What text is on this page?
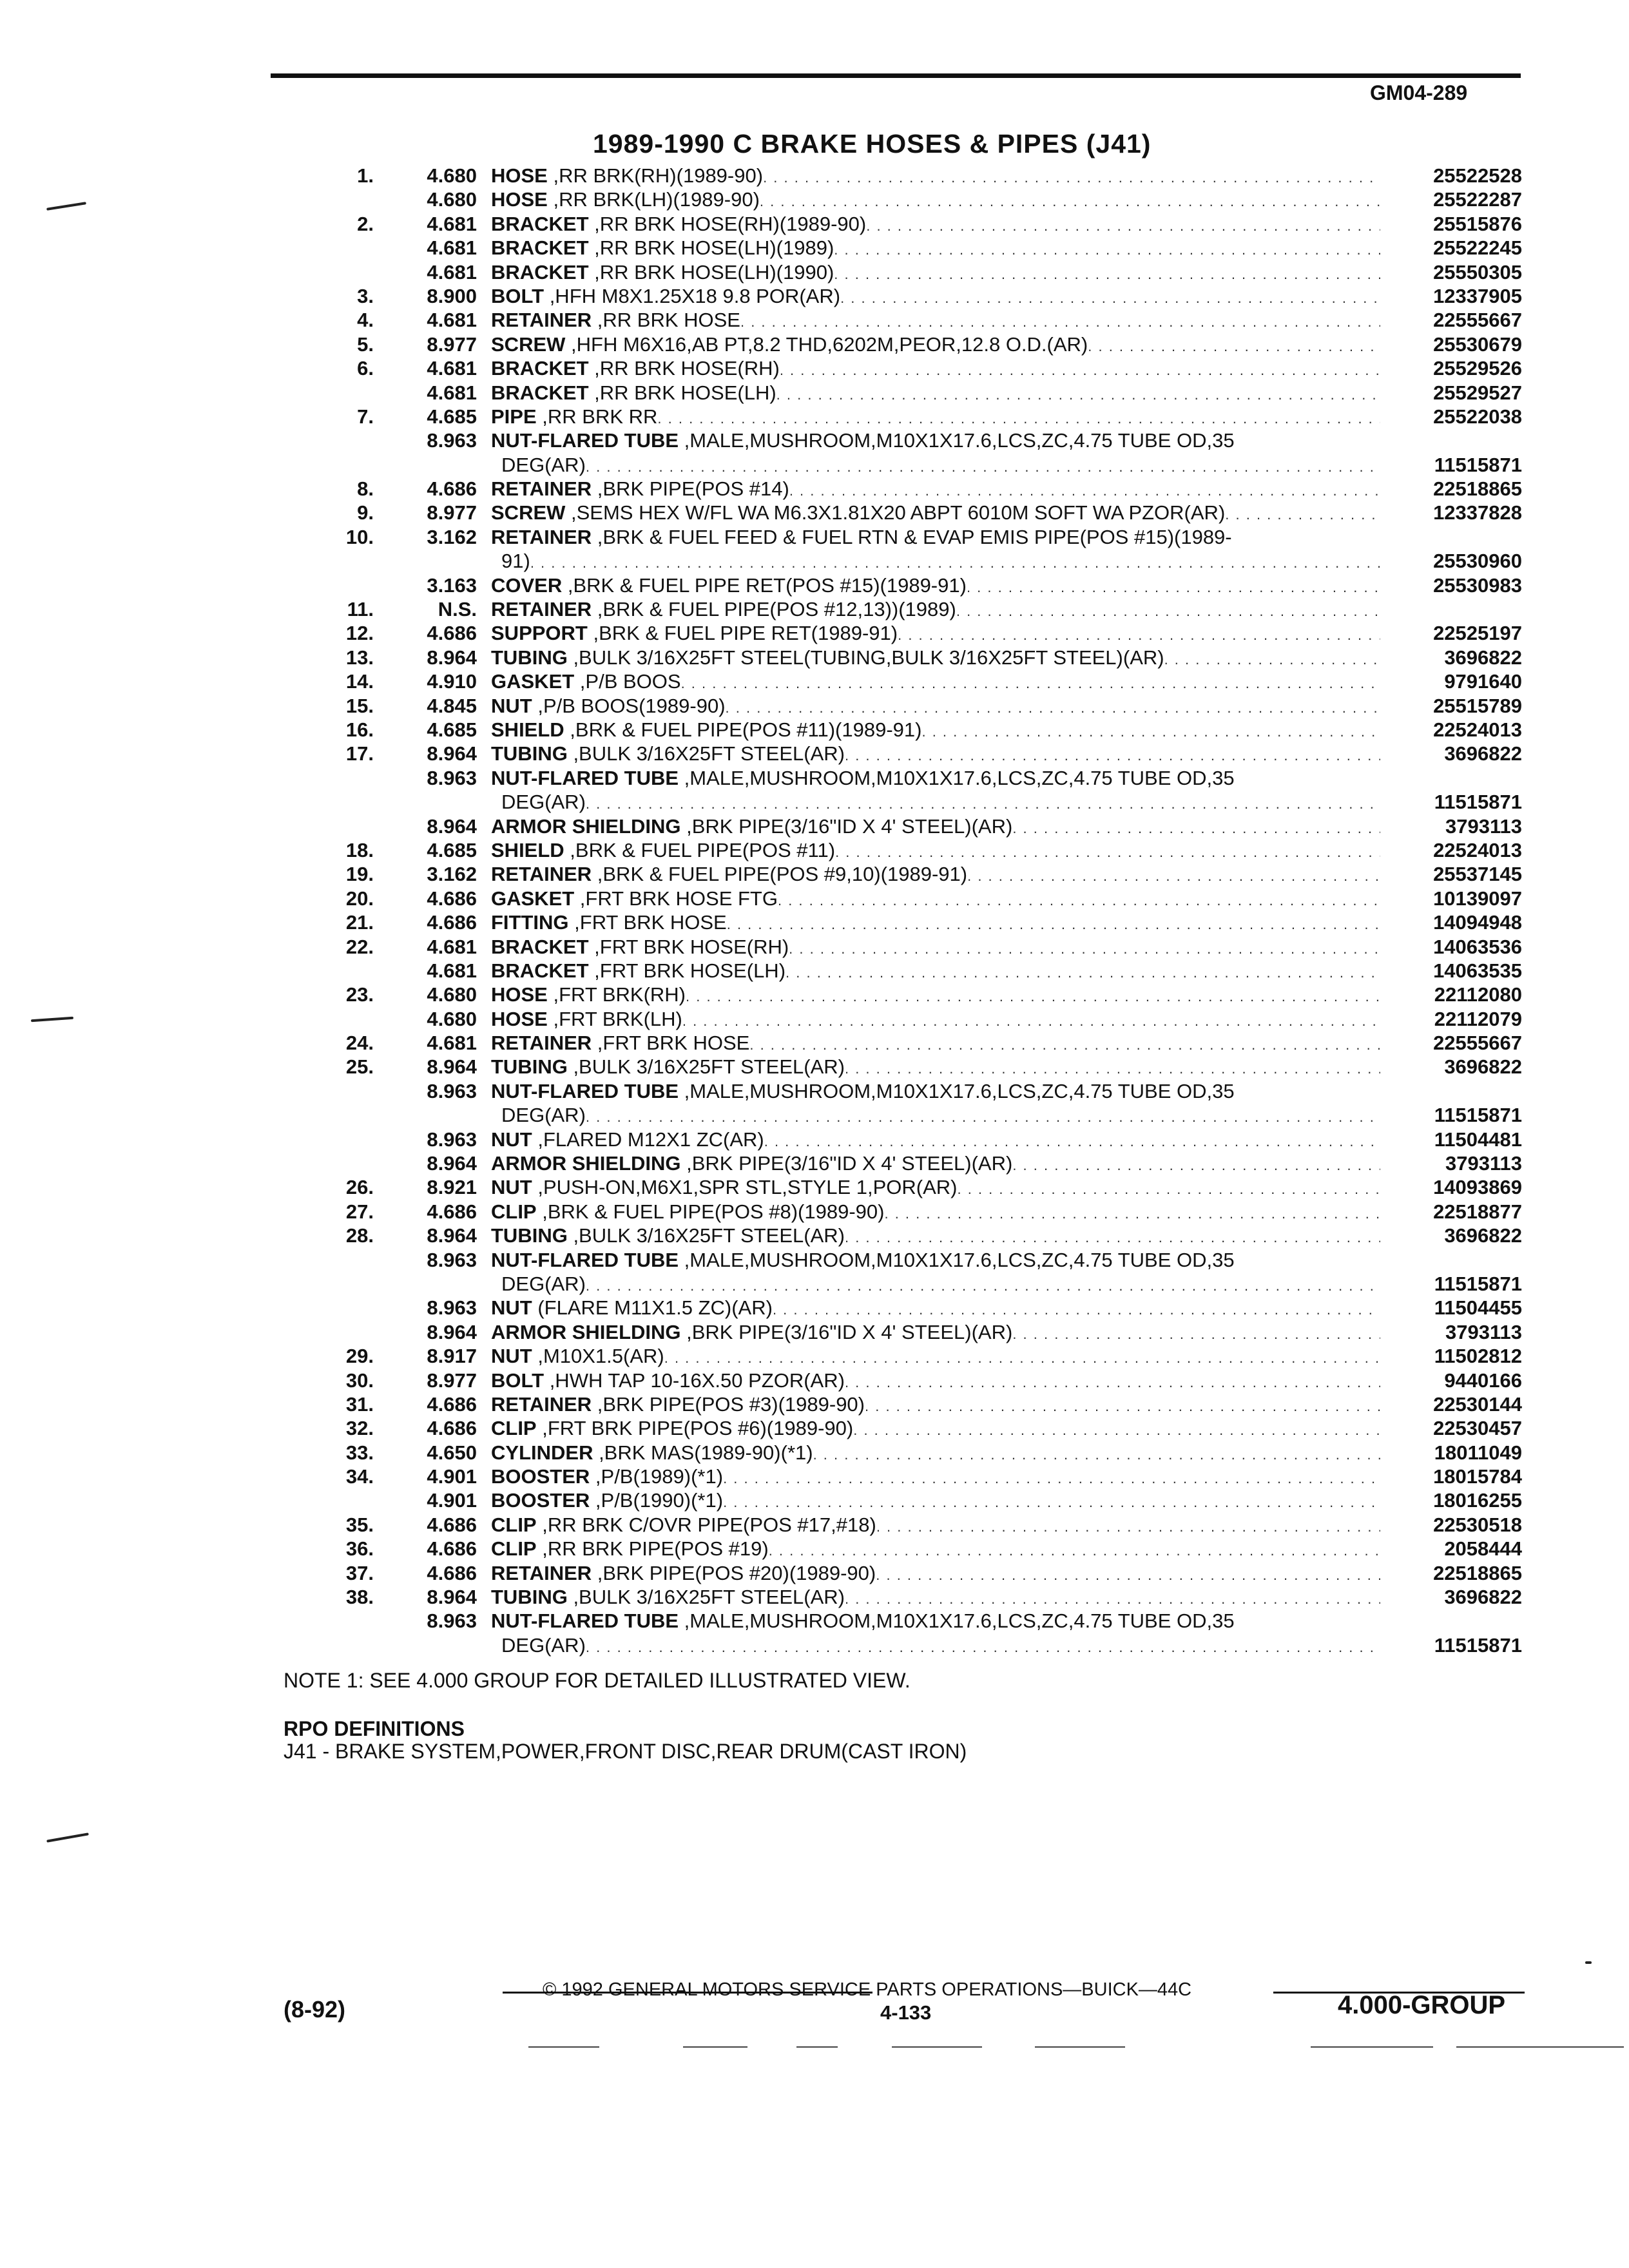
GM04-289
1989-1990 C BRAKE HOSES & PIPES (J41)
1.	4.680 HOSE ,RR BRK(RH)(1989-90) . . .	25522528
4.680 HOSE ,RR BRK(LH)(1989-90) . . .	25522287
2.	4.681 BRACKET ,RR BRK HOSE(RH)(1989-90) . . .	25515876
4.681 BRACKET ,RR BRK HOSE(LH)(1989) . . .	25522245
4.681 BRACKET ,RR BRK HOSE(LH)(1990) . . .	25550305
3.	8.900 BOLT ,HFH M8X1.25X18 9.8 POR(AR) . . .	12337905
4.	4.681 RETAINER ,RR BRK HOSE . . .	22555667
5.	8.977 SCREW ,HFH M6X16,AB PT,8.2 THD,6202M,PEOR,12.8 O.D.(AR) . . .	25530679
6.	4.681 BRACKET ,RR BRK HOSE(RH) . . .	25529526
4.681 BRACKET ,RR BRK HOSE(LH) . . .	25529527
7.	4.685 PIPE ,RR BRK RR . . .	25522038
8.963 NUT-FLARED TUBE ,MALE,MUSHROOM,M10X1X17.6,LCS,ZC,4.75 TUBE OD,35
DEG(AR) . . .	11515871
8.	4.686 RETAINER ,BRK PIPE(POS #14) . . .	22518865
9.	8.977 SCREW ,SEMS HEX W/FL WA M6.3X1.81X20 ABPT 6010M SOFT WA PZOR(AR) . . .	12337828
10.	3.162 RETAINER ,BRK & FUEL FEED & FUEL RTN & EVAP EMIS PIPE(POS #15)(1989-
91) . . .	25530960
3.163 COVER ,BRK & FUEL PIPE RET(POS #15)(1989-91) . . .	25530983
11.	N.S. RETAINER ,BRK & FUEL PIPE(POS #12,13))(1989)
. . .
12.	4.686 SUPPORT ,BRK & FUEL PIPE RET(1989-91) . . .	22525197
13.	8.964 TUBING ,BULK 3/16X25FT STEEL(TUBING,BULK 3/16X25FT STEEL)(AR) . . .	3696822
14.	4.910 GASKET ,P/B BOOS . . .	9791640
15.	4.845 NUT ,P/B BOOS(1989-90) . . .	25515789
16.	4.685 SHIELD ,BRK & FUEL PIPE(POS #11)(1989-91) . . .	22524013
17.	8.964 TUBING ,BULK 3/16X25FT STEEL(AR) . . .	3696822
8.963 NUT-FLARED TUBE ,MALE,MUSHROOM,M10X1X17.6,LCS,ZC,4.75 TUBE OD,35
DEG(AR) . . .	11515871
8.964 ARMOR SHIELDING ,BRK PIPE(3/16"ID X 4' STEEL)(AR) . . .	3793113
18.	4.685 SHIELD ,BRK & FUEL PIPE(POS #11) . . .	22524013
19.	3.162 RETAINER ,BRK & FUEL PIPE(POS #9,10)(1989-91) . . .	25537145
20.	4.686 GASKET ,FRT BRK HOSE FTG . . .	10139097
21.	4.686 FITTING ,FRT BRK HOSE . . .	14094948
22.	4.681 BRACKET ,FRT BRK HOSE(RH) . . .	14063536
4.681 BRACKET ,FRT BRK HOSE(LH) . . .	14063535
23.	4.680 HOSE ,FRT BRK(RH) . . .	22112080
4.680 HOSE ,FRT BRK(LH) . . .	22112079
24.	4.681 RETAINER ,FRT BRK HOSE . . .	22555667
25.	8.964 TUBING ,BULK 3/16X25FT STEEL(AR) . . .	3696822
8.963 NUT-FLARED TUBE ,MALE,MUSHROOM,M10X1X17.6,LCS,ZC,4.75 TUBE OD,35
DEG(AR) . . .	11515871
8.963 NUT ,FLARED M12X1 ZC(AR) . . .	11504481
8.964 ARMOR SHIELDING ,BRK PIPE(3/16"ID X 4' STEEL)(AR) . . .	3793113
26.	8.921 NUT ,PUSH-ON,M6X1,SPR STL,STYLE 1,POR(AR) . . .	14093869
27.	4.686 CLIP ,BRK & FUEL PIPE(POS #8)(1989-90) . . .	22518877
28.	8.964 TUBING ,BULK 3/16X25FT STEEL(AR) . . .	3696822
8.963 NUT-FLARED TUBE ,MALE,MUSHROOM,M10X1X17.6,LCS,ZC,4.75 TUBE OD,35
DEG(AR) . . .	11515871
8.963 NUT (FLARE M11X1.5 ZC)(AR) . . .	11504455
8.964 ARMOR SHIELDING ,BRK PIPE(3/16"ID X 4' STEEL)(AR) . . .	3793113
29.	8.917 NUT ,M10X1.5(AR) . . .	11502812
30.	8.977 BOLT ,HWH TAP 10-16X.50 PZOR(AR) . . .	9440166
31.	4.686 RETAINER ,BRK PIPE(POS #3)(1989-90) . . .	22530144
32.	4.686 CLIP ,FRT BRK PIPE(POS #6)(1989-90) . . .	22530457
33.	4.650 CYLINDER ,BRK MAS(1989-90)(*1) . . .	18011049
34.	4.901 BOOSTER ,P/B(1989)(*1) . . .	18015784
4.901 BOOSTER ,P/B(1990)(*1) . . .	18016255
35.	4.686 CLIP ,RR BRK C/OVR PIPE(POS #17,#18) . . .	22530518
36.	4.686 CLIP ,RR BRK PIPE(POS #19) . . .	2058444
37.	4.686 RETAINER ,BRK PIPE(POS #20)(1989-90) . . .	22518865
38.	8.964 TUBING ,BULK 3/16X25FT STEEL(AR) . . .	3696822
8.963 NUT-FLARED TUBE ,MALE,MUSHROOM,M10X1X17.6,LCS,ZC,4.75 TUBE OD,35
DEG(AR) . . .	11515871
NOTE 1: SEE 4.000 GROUP FOR DETAILED ILLUSTRATED VIEW.
RPO DEFINITIONS
J41 - BRAKE SYSTEM,POWER,FRONT DISC,REAR DRUM(CAST IRON)
© 1992 GENERAL MOTORS SERVICE PARTS OPERATIONS—BUICK—44C
(8-92)	4-133	4.000-GROUP
